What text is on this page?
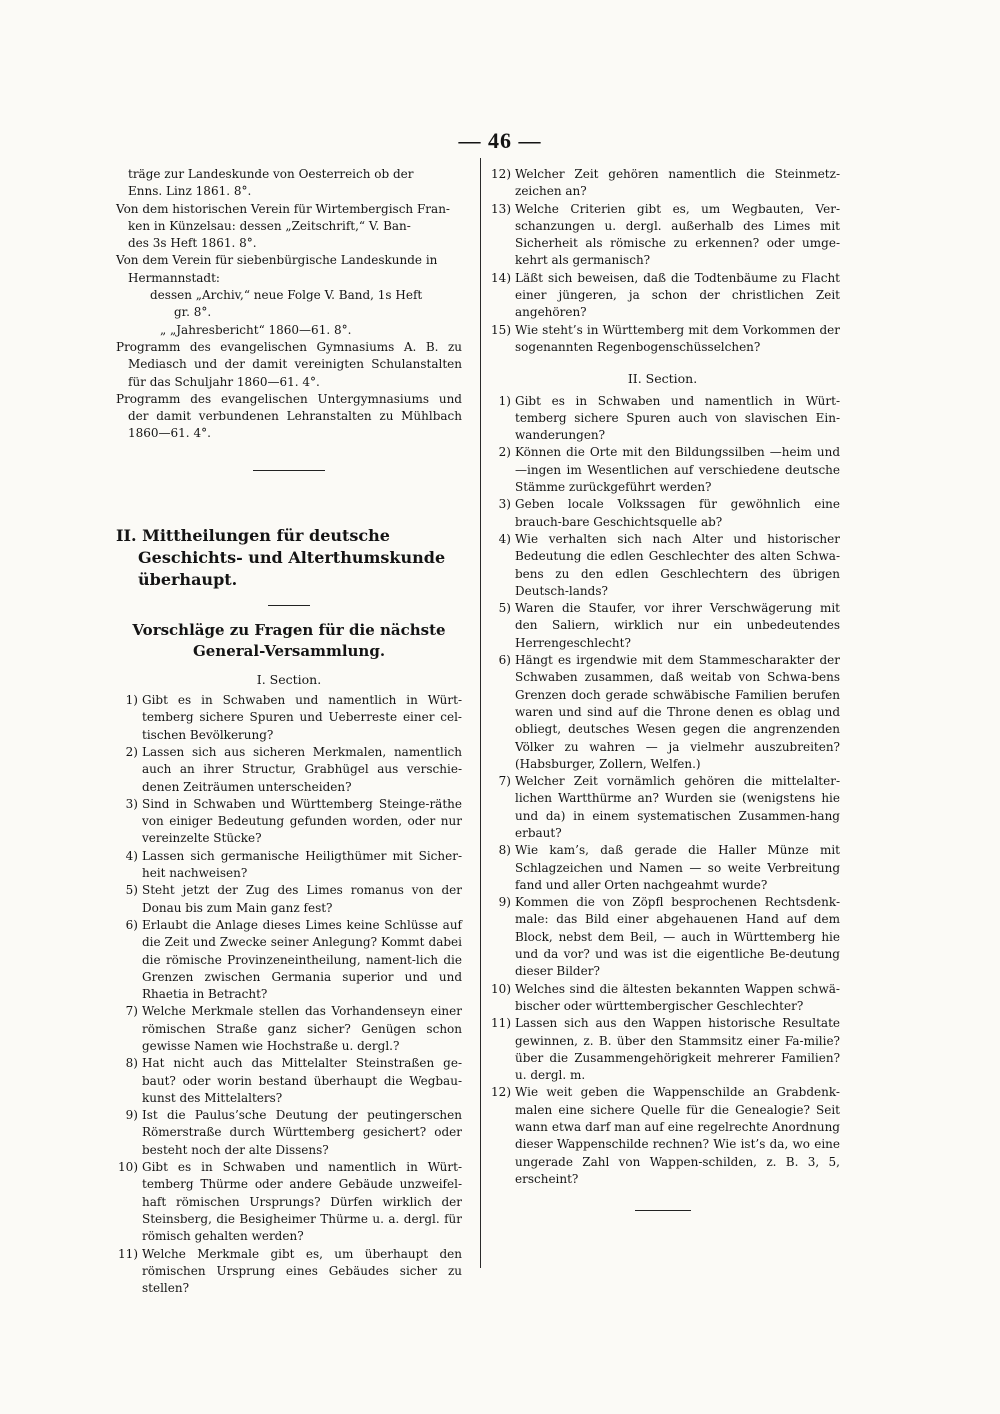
— 46 —

träge zur Landeskunde von Oesterreich ob der
Enns. Linz 1861. 8°.

Von dem historischen Verein für Wirtembergisch Fran-
ken in Künzelsau: dessen „Zeitschrift,“ V. Ban-
des 3s Heft 1861. 8°.

Von dem Verein für siebenbürgische Landeskunde in
Hermannstadt:

dessen „Archiv,“ neue Folge V. Band, 1s Heft

gr. 8°.

„ „Jahresbericht“ 1860—61. 8°.

Programm des evangelischen Gymnasiums A. B. zu Mediasch und der damit vereinigten Schulanstalten für das Schuljahr 1860—61. 4°.

Programm des evangelischen Untergymnasiums und der damit verbundenen Lehranstalten zu Mühlbach 1860—61. 4°.

II. Mittheilungen für deutsche Geschichts- und Alterthumskunde überhaupt.

Vorschläge zu Fragen für die nächste General-Versammlung.

I. Section.

1) Gibt es in Schwaben und namentlich in Würt-temberg sichere Spuren und Ueberreste einer cel-tischen Bevölkerung?

2) Lassen sich aus sicheren Merkmalen, namentlich auch an ihrer Structur, Grabhügel aus verschie-denen Zeiträumen unterscheiden?

3) Sind in Schwaben und Württemberg Steinge-räthe von einiger Bedeutung gefunden worden, oder nur vereinzelte Stücke?

4) Lassen sich germanische Heiligthümer mit Sicher-heit nachweisen?

5) Steht jetzt der Zug des Limes romanus von der Donau bis zum Main ganz fest?

6) Erlaubt die Anlage dieses Limes keine Schlüsse auf die Zeit und Zwecke seiner Anlegung? Kommt dabei die römische Provinzeneintheilung, nament-lich die Grenzen zwischen Germania superior und und Rhaetia in Betracht?

7) Welche Merkmale stellen das Vorhandenseyn einer römischen Straße ganz sicher? Genügen schon gewisse Namen wie Hochstraße u. dergl.?

8) Hat nicht auch das Mittelalter Steinstraßen ge-baut? oder worin bestand überhaupt die Wegbau-kunst des Mittelalters?

9) Ist die Paulus’sche Deutung der peutingerschen Römerstraße durch Württemberg gesichert? oder besteht noch der alte Dissens?

10) Gibt es in Schwaben und namentlich in Würt-temberg Thürme oder andere Gebäude unzweifel-haft römischen Ursprungs? Dürfen wirklich der Steinsberg, die Besigheimer Thürme u. a. dergl. für römisch gehalten werden?

11) Welche Merkmale gibt es, um überhaupt den römischen Ursprung eines Gebäudes sicher zu stellen?

12) Welcher Zeit gehören namentlich die Steinmetz-zeichen an?

13) Welche Criterien gibt es, um Wegbauten, Ver-schanzungen u. dergl. außerhalb des Limes mit Sicherheit als römische zu erkennen? oder umge-kehrt als germanisch?

14) Läßt sich beweisen, daß die Todtenbäume zu Flacht einer jüngeren, ja schon der christlichen Zeit angehören?

15) Wie steht’s in Württemberg mit dem Vorkommen der sogenannten Regenbogenschüsselchen?

II. Section.

1) Gibt es in Schwaben und namentlich in Würt-temberg sichere Spuren auch von slavischen Ein-wanderungen?

2) Können die Orte mit den Bildungssilben —heim und —ingen im Wesentlichen auf verschiedene deutsche Stämme zurückgeführt werden?

3) Geben locale Volkssagen für gewöhnlich eine brauch-bare Geschichtsquelle ab?

4) Wie verhalten sich nach Alter und historischer Bedeutung die edlen Geschlechter des alten Schwa-bens zu den edlen Geschlechtern des übrigen Deutsch-lands?

5) Waren die Staufer, vor ihrer Verschwägerung mit den Saliern, wirklich nur ein unbedeutendes Herrengeschlecht?

6) Hängt es irgendwie mit dem Stammescharakter der Schwaben zusammen, daß weitab von Schwa-bens Grenzen doch gerade schwäbische Familien berufen waren und sind auf die Throne denen es oblag und obliegt, deutsches Wesen gegen die angrenzenden Völker zu wahren — ja vielmehr auszubreiten? (Habsburger, Zollern, Welfen.)

7) Welcher Zeit vornämlich gehören die mittelalter-lichen Wartthürme an? Wurden sie (wenigstens hie und da) in einem systematischen Zusammen-hang erbaut?

8) Wie kam’s, daß gerade die Haller Münze mit Schlagzeichen und Namen — so weite Verbreitung fand und aller Orten nachgeahmt wurde?

9) Kommen die von Zöpfl besprochenen Rechtsdenk-male: das Bild einer abgehauenen Hand auf dem Block, nebst dem Beil, — auch in Württemberg hie und da vor? und was ist die eigentliche Be-deutung dieser Bilder?

10) Welches sind die ältesten bekannten Wappen schwä-bischer oder württembergischer Geschlechter?

11) Lassen sich aus den Wappen historische Resultate gewinnen, z. B. über den Stammsitz einer Fa-milie? über die Zusammengehörigkeit mehrerer Familien? u. dergl. m.

12) Wie weit geben die Wappenschilde an Grabdenk-malen eine sichere Quelle für die Genealogie? Seit wann etwa darf man auf eine regelrechte Anordnung dieser Wappenschilde rechnen? Wie ist’s da, wo eine ungerade Zahl von Wappen-schilden, z. B. 3, 5, erscheint?
